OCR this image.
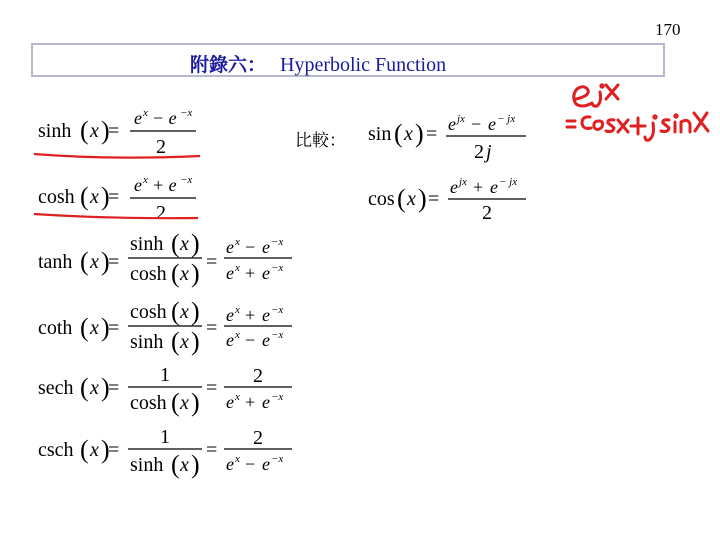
170
附錄六： Hyperbolic Function
比較：
sinh ( x )
=
e x − e −x
2
cosh ( x )
=
e x + e −x
2
tanh ( x )
=
sinh ( x )
cosh ( x ) =
e x − e −x
e x + e −x
coth ( x )
=
cosh ( x )
sinh ( x ) =
e x + e −x
e x − e −x
sech ( x )
=
1
cosh ( x ) =
2
e x + e −x
csch ( x )
=
1
sinh ( x ) =
2
e x − e −x
sin ( x ) = e jx − e − jx
2 j
cos ( x ) =
e jx + e − jx
2
